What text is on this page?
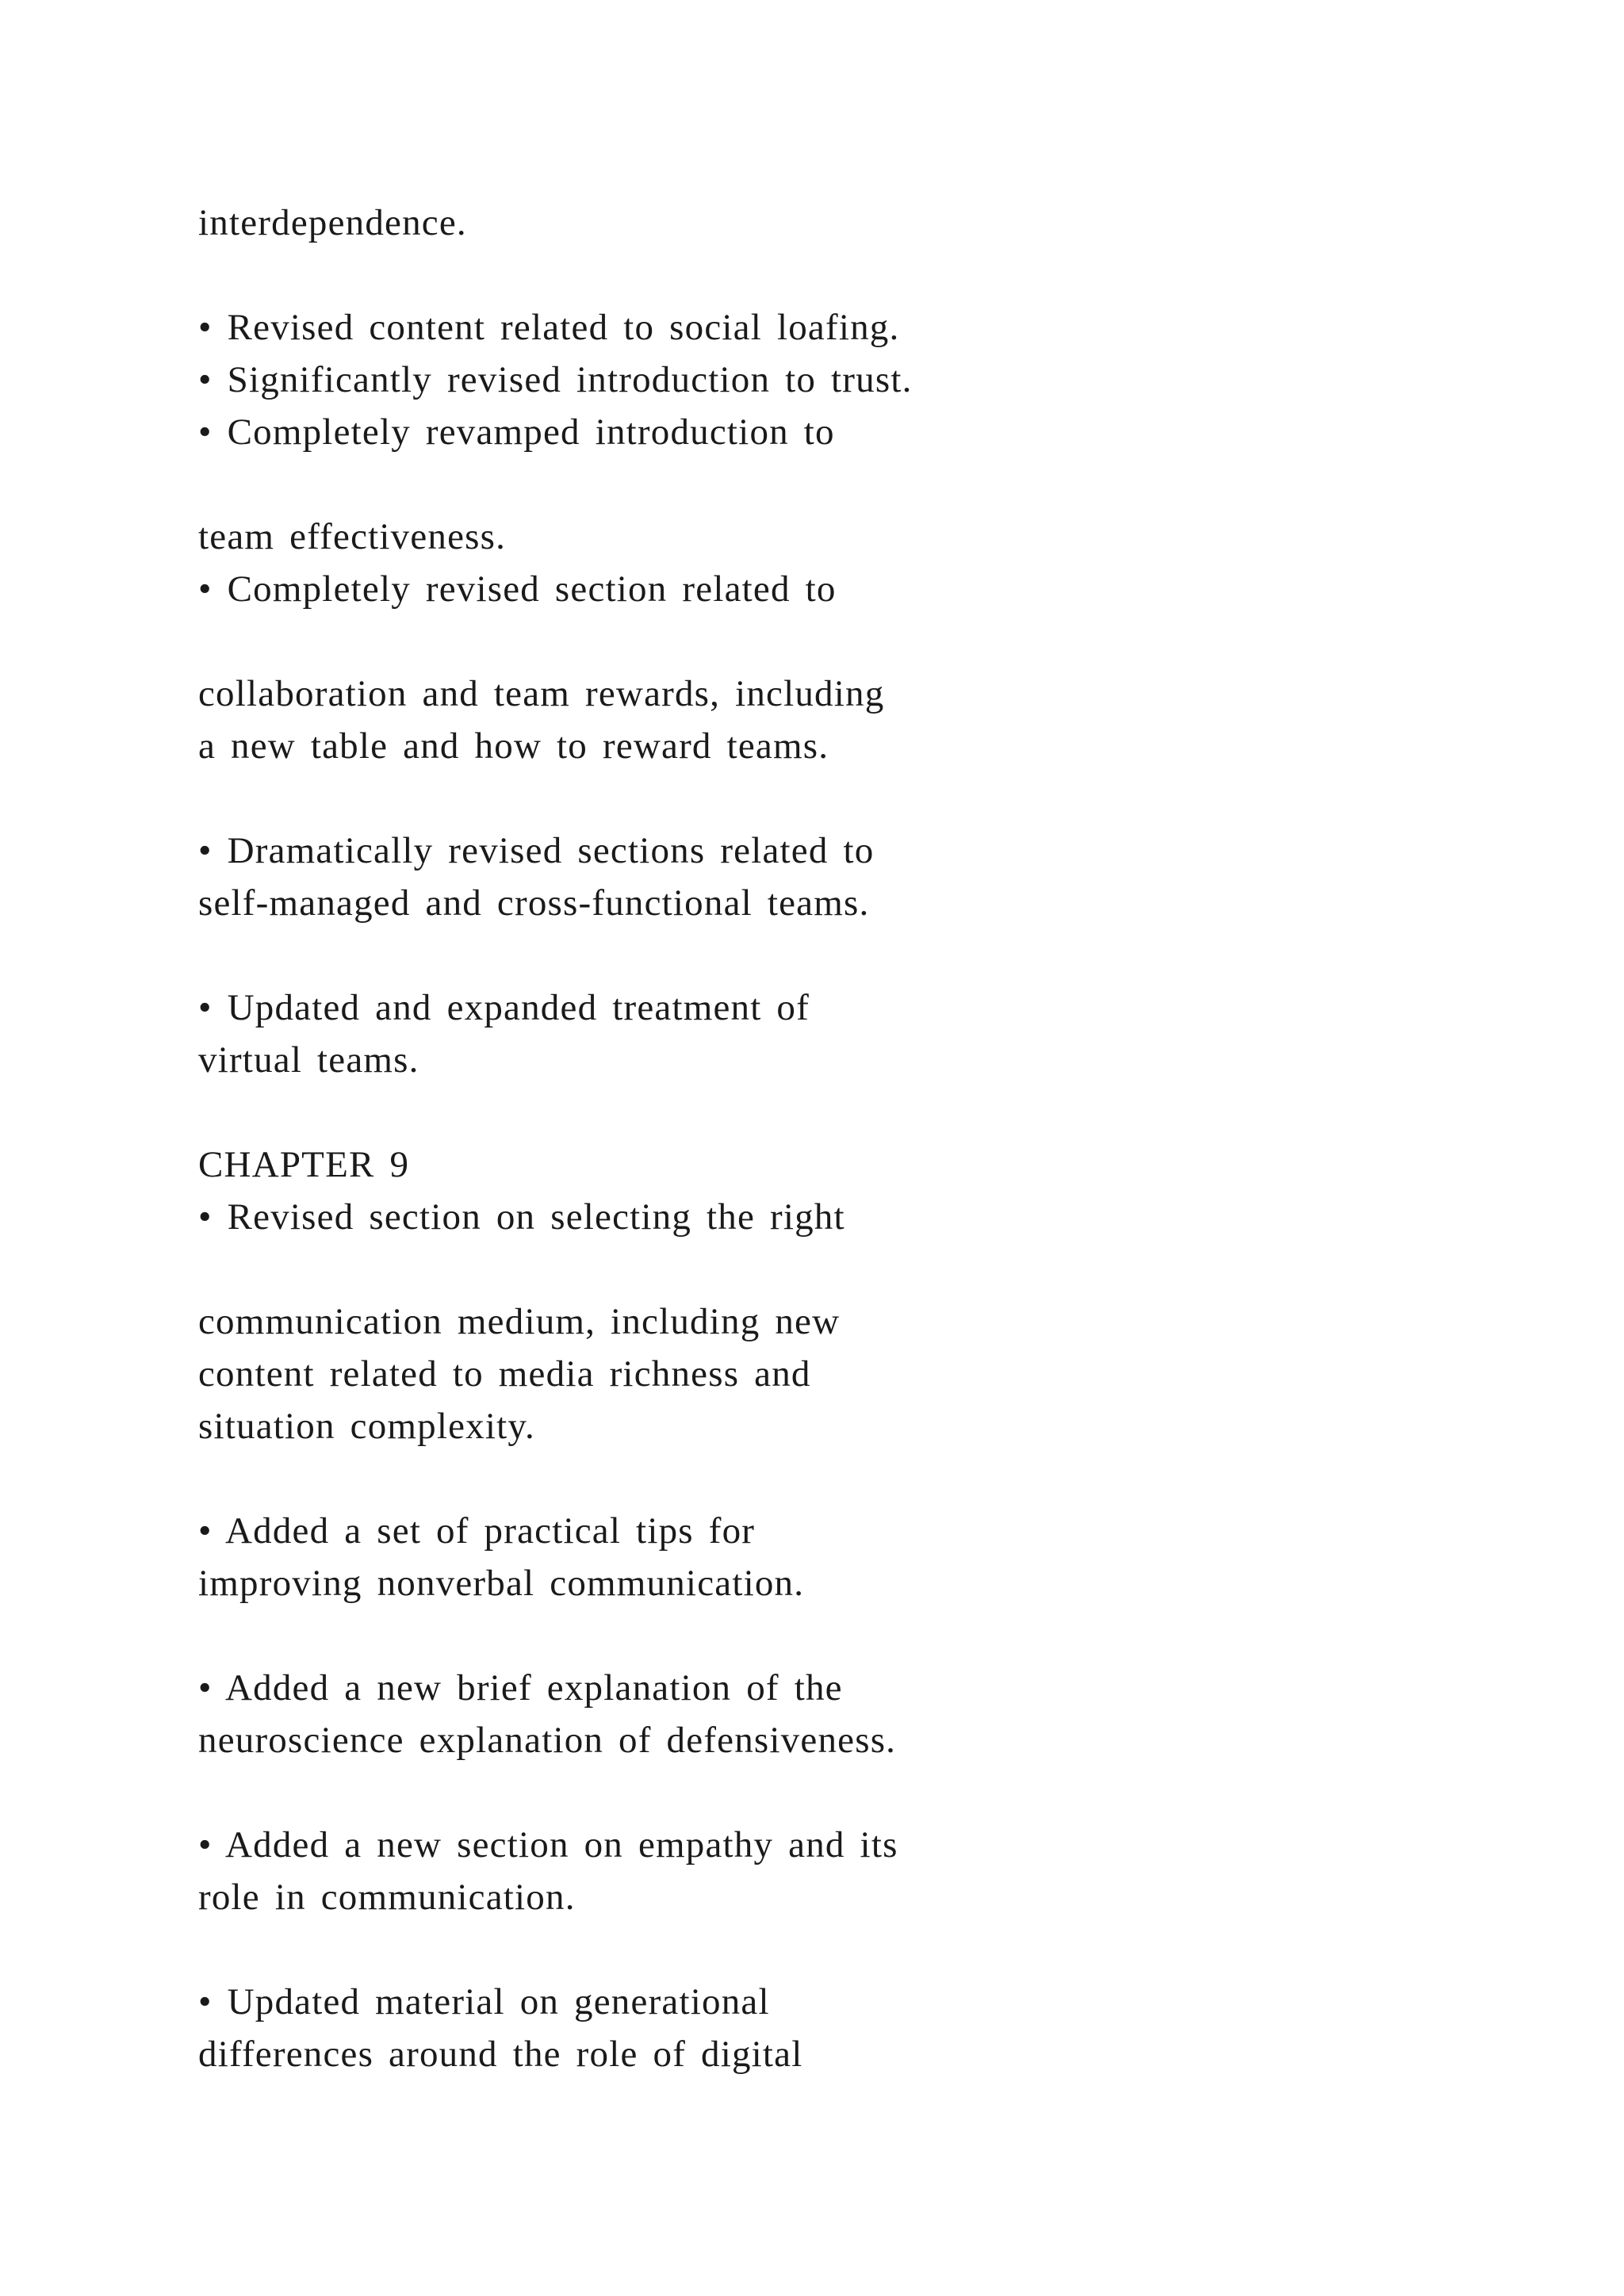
interdependence.

• Revised content related to social loafing.

• Significantly revised introduction to trust.

• Completely revamped introduction to

team effectiveness.

• Completely revised section related to

collaboration and team rewards, including

a new table and how to reward teams.

• Dramatically revised sections related to

self-managed and cross-functional teams.

• Updated and expanded treatment of

virtual teams.

CHAPTER 9

• Revised section on selecting the right

communication medium, including new

content related to media richness and

situation complexity.

• Added a set of practical tips for

improving nonverbal communication.

• Added a new brief explanation of the

neuroscience explanation of defensiveness.

• Added a new section on empathy and its

role in communication.

• Updated material on generational

differences around the role of digital
